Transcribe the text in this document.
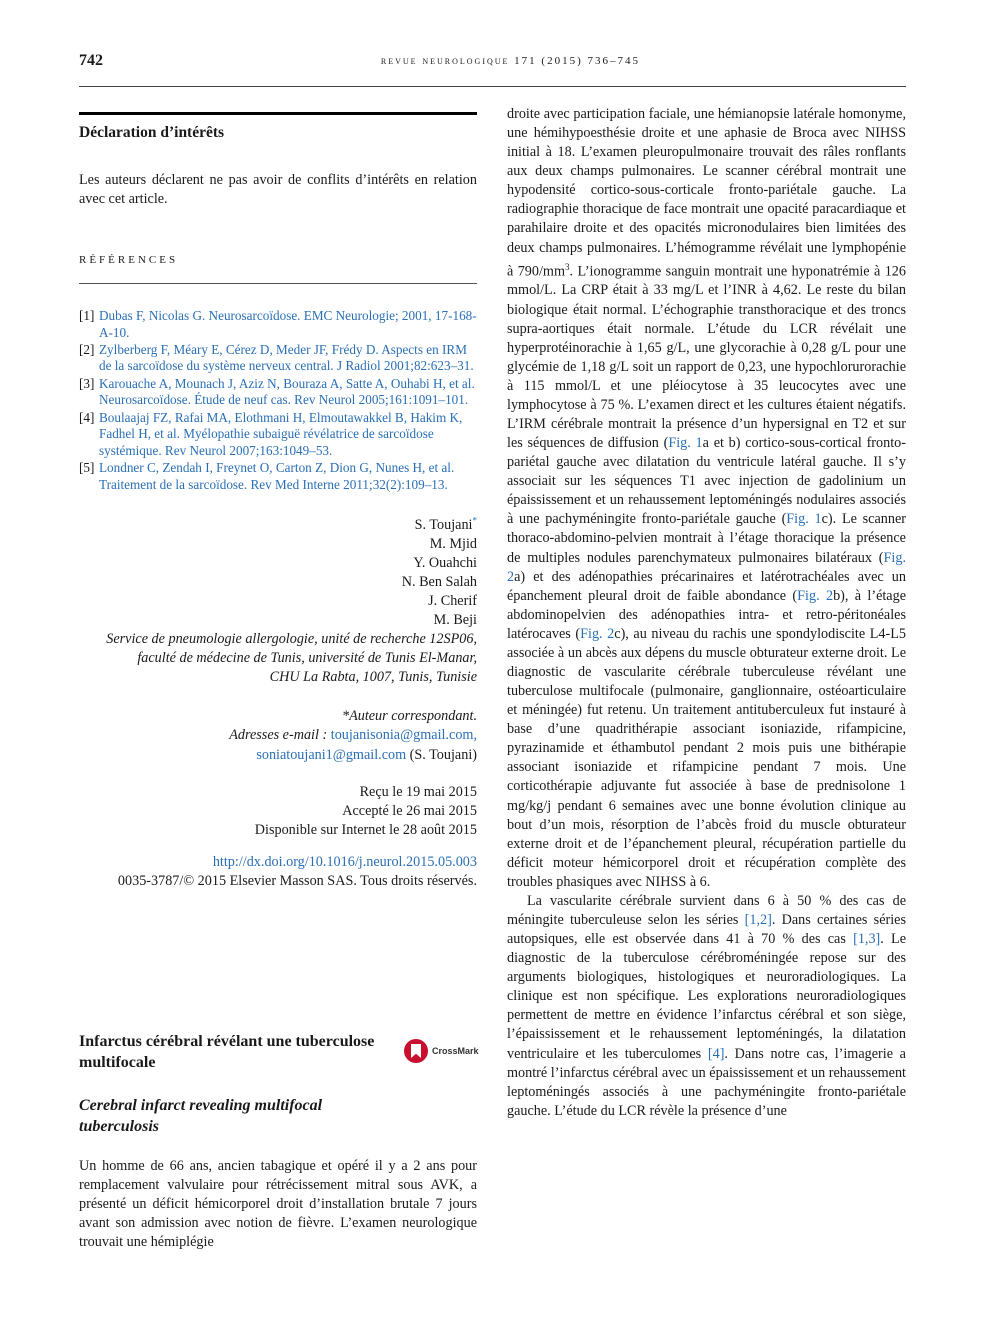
742	revue neurologique 171 (2015) 736–745
Déclaration d’intérêts

Les auteurs déclarent ne pas avoir de conflits d’intérêts en relation avec cet article.

RÉFÉRENCES
[1] Dubas F, Nicolas G. Neurosarcoïdose. EMC Neurologie; 2001, 17-168-A-10.
[2] Zylberberg F, Méary E, Cérez D, Meder JF, Frédy D. Aspects en IRM de la sarcoïdose du système nerveux central. J Radiol 2001;82:623–31.
[3] Karouache A, Mounach J, Aziz N, Bouraza A, Satte A, Ouhabi H, et al. Neurosarcoïdose. Étude de neuf cas. Rev Neurol 2005;161:1091–101.
[4] Boulaajaj FZ, Rafai MA, Elothmani H, Elmoutawakkel B, Hakim K, Fadhel H, et al. Myélopathie subaiguë révélatrice de sarcoïdose systémique. Rev Neurol 2007;163:1049–53.
[5] Londner C, Zendah I, Freynet O, Carton Z, Dion G, Nunes H, et al. Traitement de la sarcoïdose. Rev Med Interne 2011;32(2):109–13.
S. Toujani*
M. Mjid
Y. Ouahchi
N. Ben Salah
J. Cherif
M. Beji
Service de pneumologie allergologie, unité de recherche 12SP06,
faculté de médecine de Tunis, université de Tunis El-Manar,
CHU La Rabta, 1007, Tunis, Tunisie
*Auteur correspondant.
Adresses e-mail : toujanisonia@gmail.com,
soniatoujani1@gmail.com (S. Toujani)
Reçu le 19 mai 2015
Accepté le 26 mai 2015
Disponible sur Internet le 28 août 2015
http://dx.doi.org/10.1016/j.neurol.2015.05.003
0035-3787/© 2015 Elsevier Masson SAS. Tous droits réservés.
Infarctus cérébral révélant une tuberculose multifocale
CrossMark
Cerebral infarct revealing multifocal tuberculosis

Un homme de 66 ans, ancien tabagique et opéré il y a 2 ans pour remplacement valvulaire pour rétrécissement mitral sous AVK, a présenté un déficit hémicorporel droit d’installation brutale 7 jours avant son admission avec notion de fièvre. L’examen neurologique trouvait une hémiplégie

droite avec participation faciale, une hémianopsie latérale homonyme, une hémihypoesthésie droite et une aphasie de Broca avec NIHSS initial à 18. L’examen pleuropulmonaire trouvait des râles ronflants aux deux champs pulmonaires. Le scanner cérébral montrait une hypodensité cortico-sous-corticale fronto-pariétale gauche. La radiographie thoracique de face montrait une opacité paracardiaque et parahilaire droite et des opacités micronodulaires bien limitées des deux champs pulmonaires. L’hémogramme révélait une lymphopénie à $790/mm^3$. L’ionogramme sanguin montrait une hyponatrémie à 126 mmol/L. La CRP était à 33 mg/L et l’INR à 4,62. Le reste du bilan biologique était normal. L’échographie transthoracique et des troncs supra-aortiques était normale. L’étude du LCR révélait une hyperprotéinorachie à 1,65 g/L, une glycorachie à 0,28 g/L pour une glycémie de 1,18 g/L soit un rapport de 0,23, une hypochlorurorachie à 115 mmol/L et une pléiocytose à 35 leucocytes avec une lymphocytose à 75 %. L’examen direct et les cultures étaient négatifs. L’IRM cérébrale montrait la présence d’un hypersignal en T2 et sur les séquences de diffusion (Fig. 1a et b) cortico-sous-cortical fronto-pariétal gauche avec dilatation du ventricule latéral gauche. Il s’y associait sur les séquences T1 avec injection de gadolinium un épaississement et un rehaussement leptoméningés nodulaires associés à une pachyméningite fronto-pariétale gauche (Fig. 1c). Le scanner thoraco-abdomino-pelvien montrait à l’étage thoracique la présence de multiples nodules parenchymateux pulmonaires bilatéraux (Fig. 2a) et des adénopathies précarinaires et latérotrachéales avec un épanchement pleural droit de faible abondance (Fig. 2b), à l’étage abdominopelvien des adénopathies intra- et retro-péritonéales latérocaves (Fig. 2c), au niveau du rachis une spondylodiscite L4-L5 associée à un abcès aux dépens du muscle obturateur externe droit. Le diagnostic de vascularite cérébrale tuberculeuse révélant une tuberculose multifocale (pulmonaire, ganglionnaire, ostéoarticulaire et méningée) fut retenu. Un traitement antituberculeux fut instauré à base d’une quadrithérapie associant isoniazide, rifampicine, pyrazinamide et éthambutol pendant 2 mois puis une bithérapie associant isoniazide et rifampicine pendant 7 mois. Une corticothérapie adjuvante fut associée à base de prednisolone 1 mg/kg/j pendant 6 semaines avec une bonne évolution clinique au bout d’un mois, résorption de l’abcès froid du muscle obturateur externe droit et de l’épanchement pleural, récupération partielle du déficit moteur hémicorporel droit et récupération complète des troubles phasiques avec NIHSS à 6.

La vascularite cérébrale survient dans 6 à 50 % des cas de méningite tuberculeuse selon les séries [1,2]. Dans certaines séries autopsiques, elle est observée dans 41 à 70 % des cas [1,3]. Le diagnostic de la tuberculose cérébroméningée repose sur des arguments biologiques, histologiques et neuroradiologiques. La clinique est non spécifique. Les explorations neuroradiologiques permettent de mettre en évidence l’infarctus cérébral et son siège, l’épaississement et le rehaussement leptoméningés, la dilatation ventriculaire et les tuberculomes [4]. Dans notre cas, l’imagerie a montré l’infarctus cérébral avec un épaississement et un rehaussement leptoméningés associés à une pachyméningite fronto-pariétale gauche. L’étude du LCR révèle la présence d’une
